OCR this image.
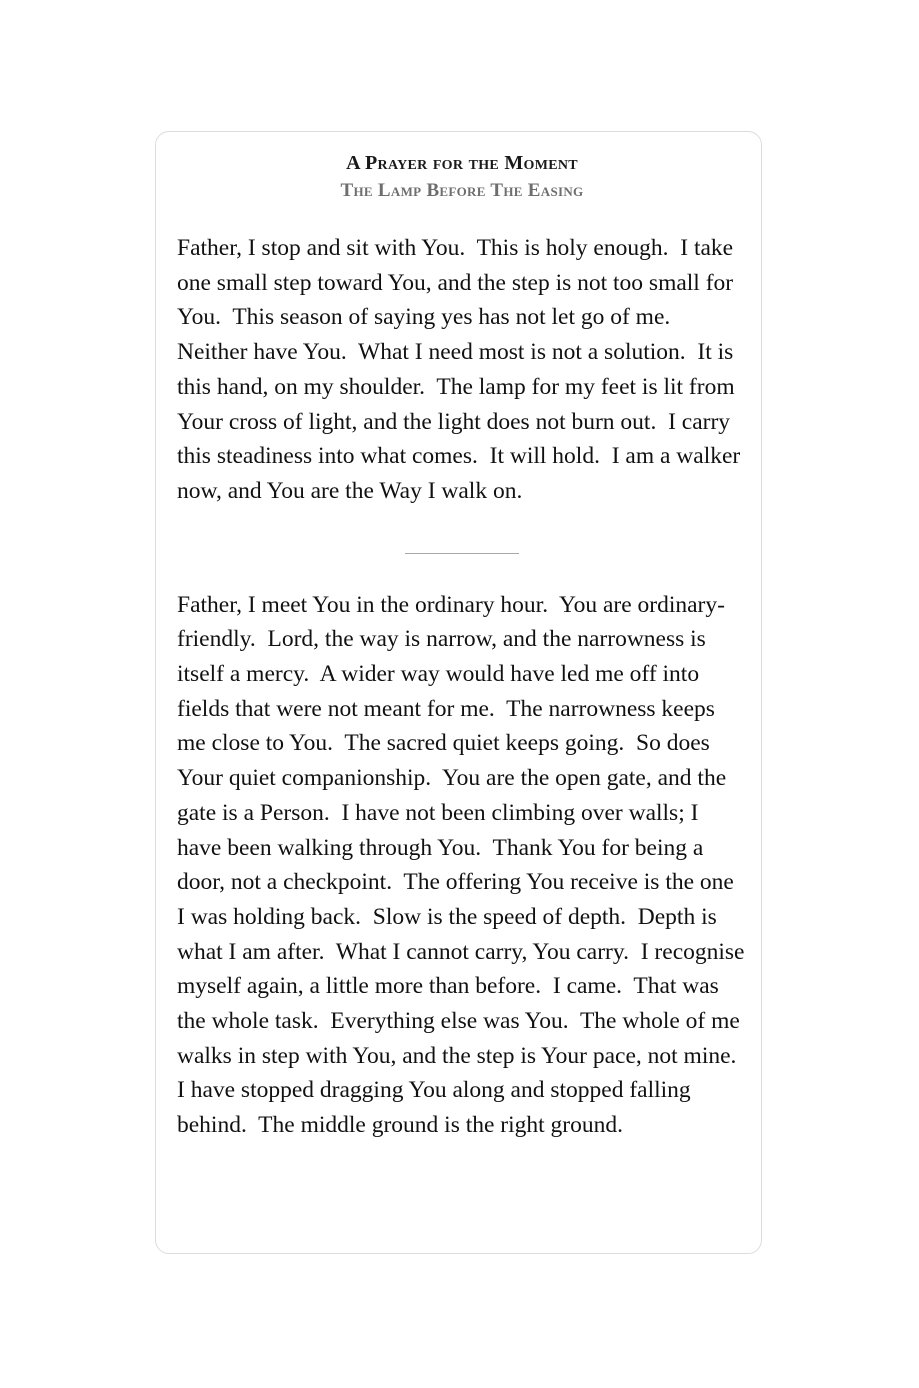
A Prayer for the Moment
The Lamp Before The Easing

Father, I stop and sit with You.  This is holy enough.  I take one small step toward You, and the step is not too small for You.  This season of saying yes has not let go of me.  Neither have You.  What I need most is not a solution.  It is this hand, on my shoulder.  The lamp for my feet is lit from Your cross of light, and the light does not burn out.  I carry this steadiness into what comes.  It will hold.  I am a walker now, and You are the Way I walk on.

Father, I meet You in the ordinary hour.  You are ordinary-friendly.  Lord, the way is narrow, and the narrowness is itself a mercy.  A wider way would have led me off into fields that were not meant for me.  The narrowness keeps me close to You.  The sacred quiet keeps going.  So does Your quiet companionship.  You are the open gate, and the gate is a Person.  I have not been climbing over walls; I have been walking through You.  Thank You for being a door, not a checkpoint.  The offering You receive is the one I was holding back.  Slow is the speed of depth.  Depth is what I am after.  What I cannot carry, You carry.  I recognise myself again, a little more than before.  I came.  That was the whole task.  Everything else was You.  The whole of me walks in step with You, and the step is Your pace, not mine.  I have stopped dragging You along and stopped falling behind.  The middle ground is the right ground.
